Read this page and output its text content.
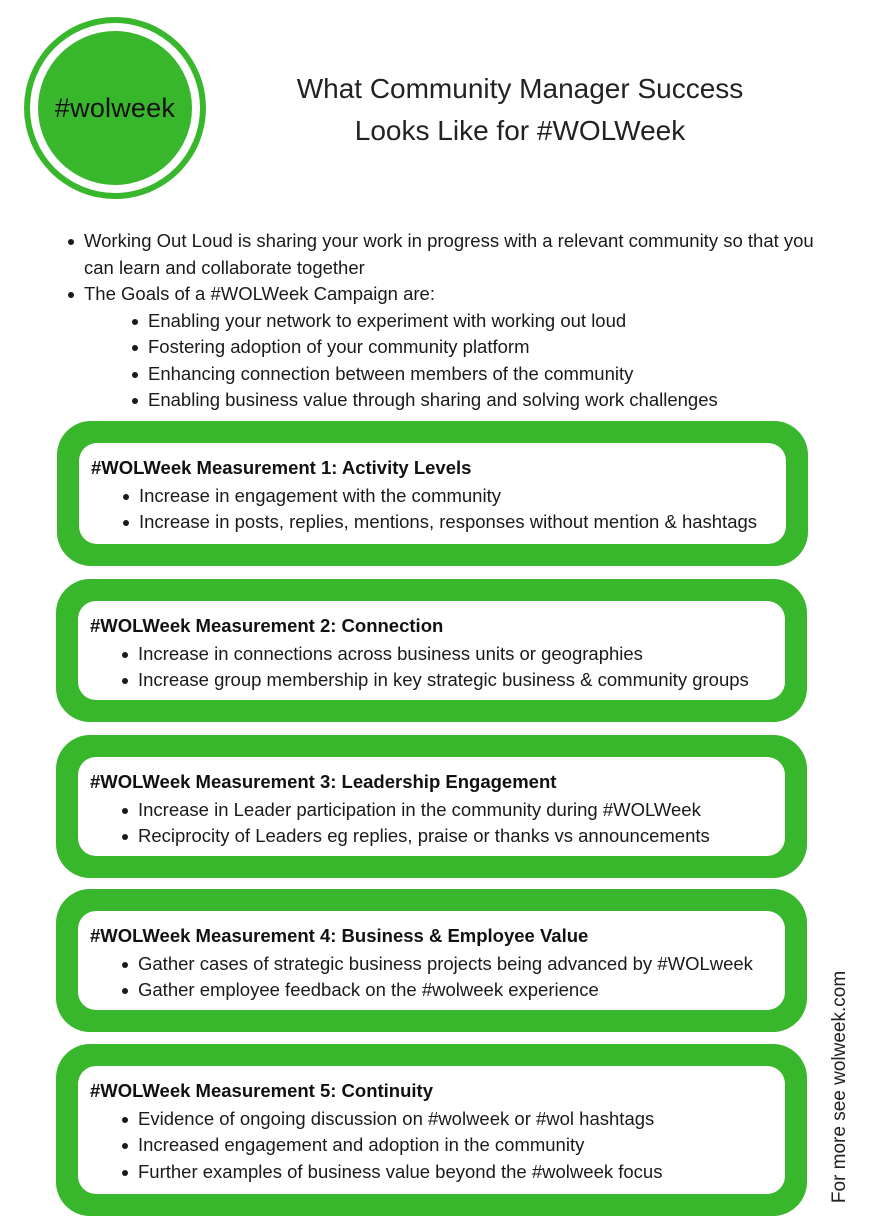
#wolweek
What Community Manager Success
Looks Like for #WOLWeek
Working Out Loud is sharing your work in progress with a relevant community so that you can learn and collaborate together
The Goals of a #WOLWeek Campaign are:
Enabling your network to experiment with working out loud
Fostering adoption of your community platform
Enhancing connection between members of the community
Enabling business value through sharing and solving work challenges
#WOLWeek Measurement 1: Activity Levels
Increase in engagement with the community
Increase in posts, replies, mentions, responses without mention & hashtags
#WOLWeek Measurement 2: Connection
Increase in connections across business units or geographies
Increase group membership in key strategic business & community groups
#WOLWeek Measurement 3: Leadership Engagement
Increase in Leader participation in the community during #WOLWeek
Reciprocity of Leaders eg replies, praise or thanks vs announcements
#WOLWeek Measurement 4: Business & Employee Value
Gather cases of strategic business projects being advanced by #WOLweek
Gather employee feedback on the #wolweek experience
#WOLWeek Measurement 5: Continuity
Evidence of ongoing discussion on #wolweek or #wol hashtags
Increased engagement and adoption in the community
Further examples of business value beyond the #wolweek focus	For more see wolweek.com
